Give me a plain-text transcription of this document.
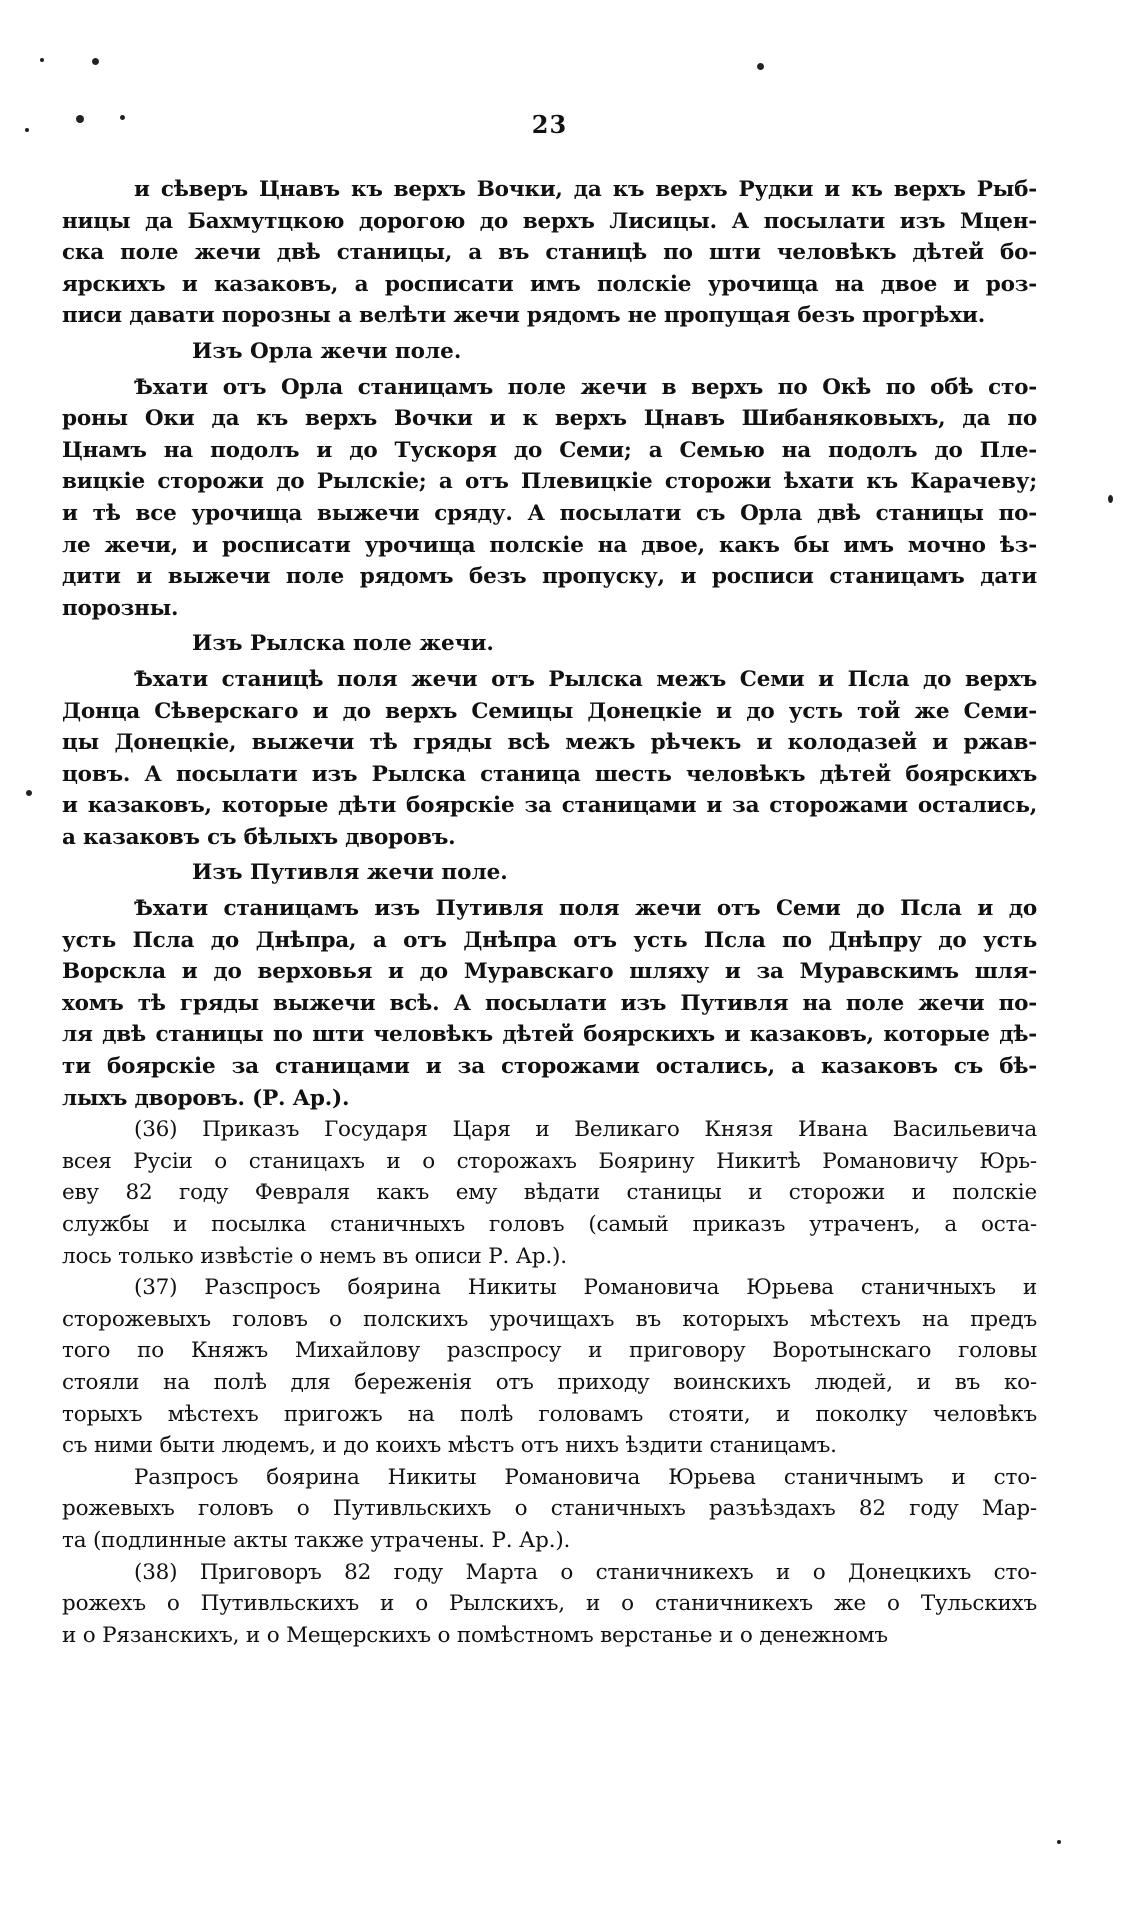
23
и сѣверъ Цнавъ къ верхъ Вочки, да къ верхъ Рудки и къ верхъ Рыб-
ницы да Бахмутцкою дорогою до верхъ Лисицы. А посылати изъ Мцен-
ска поле жечи двѣ станицы, а въ станицѣ по шти человѣкъ дѣтей бо-
ярскихъ и казаковъ, а росписати имъ полскіе урочища на двое и роз-
писи давати порозны а велѣти жечи рядомъ не пропущая безъ прогрѣхи.
Изъ Орла жечи поле.
Ѣхати отъ Орла станицамъ поле жечи в верхъ по Окѣ по обѣ сто-
роны Оки да къ верхъ Вочки и к верхъ Цнавъ Шибаняковыхъ, да по
Цнамъ на подолъ и до Тускоря до Семи; а Семью на подолъ до Пле-
вицкіе сторожи до Рылскіе; а отъ Плевицкіе сторожи ѣхати къ Карачеву;
и тѣ все урочища выжечи сряду. А посылати съ Орла двѣ станицы по-
ле жечи, и росписати урочища полскіе на двое, какъ бы имъ мочно ѣз-
дити и выжечи поле рядомъ безъ пропуску, и росписи станицамъ дати
порозны.
Изъ Рылска поле жечи.
Ѣхати станицѣ поля жечи отъ Рылска межъ Семи и Псла до верхъ
Донца Сѣверскаго и до верхъ Семицы Донецкіе и до усть той же Семи-
цы Донецкіе, выжечи тѣ гряды всѣ межъ рѣчекъ и колодазей и ржав-
цовъ. А посылати изъ Рылска станица шесть человѣкъ дѣтей боярскихъ
и казаковъ, которые дѣти боярскіе за станицами и за сторожами остались,
а казаковъ съ бѣлыхъ дворовъ.
Изъ Путивля жечи поле.
Ѣхати станицамъ изъ Путивля поля жечи отъ Семи до Псла и до
усть Псла до Днѣпра, а отъ Днѣпра отъ усть Псла по Днѣпру до усть
Ворскла и до верховья и до Муравскаго шляху и за Муравскимъ шля-
хомъ тѣ гряды выжечи всѣ. А посылати изъ Путивля на поле жечи по-
ля двѣ станицы по шти человѣкъ дѣтей боярскихъ и казаковъ, которые дѣ-
ти боярскіе за станицами и за сторожами остались, а казаковъ съ бѣ-
лыхъ дворовъ. (Р. Ар.).
(36) Приказъ Государя Царя и Великаго Князя Ивана Васильевича
всея Русіи о станицахъ и о сторожахъ Боярину Никитѣ Романовичу Юрь-
еву 82 году Февраля какъ ему вѣдати станицы и сторожи и полскіе
службы и посылка станичныхъ головъ (самый приказъ утраченъ, а оста-
лось только извѣстіе о немъ въ описи Р. Ар.).
(37) Разспросъ боярина Никиты Романовича Юрьева станичныхъ и
сторожевыхъ головъ о полскихъ урочищахъ въ которыхъ мѣстехъ на предъ
того по Княжъ Михайлову разспросу и приговору Воротынскаго головы
стояли на полѣ для береженія отъ приходу воинскихъ людей, и въ ко-
торыхъ мѣстехъ пригожъ на полѣ головамъ стояти, и поколку человѣкъ
съ ними быти людемъ, и до коихъ мѣстъ отъ нихъ ѣздити станицамъ.
Разпросъ боярина Никиты Романовича Юрьева станичнымъ и сто-
рожевыхъ головъ о Путивльскихъ о станичныхъ разъѣздахъ 82 году Мар-
та (подлинные акты также утрачены. Р. Ар.).
(38) Приговоръ 82 году Марта о станичникехъ и о Донецкихъ сто-
рожехъ о Путивльскихъ и о Рылскихъ, и о станичникехъ же о Тульскихъ
и о Рязанскихъ, и о Мещерскихъ о помѣстномъ верстанье и о денежномъ
